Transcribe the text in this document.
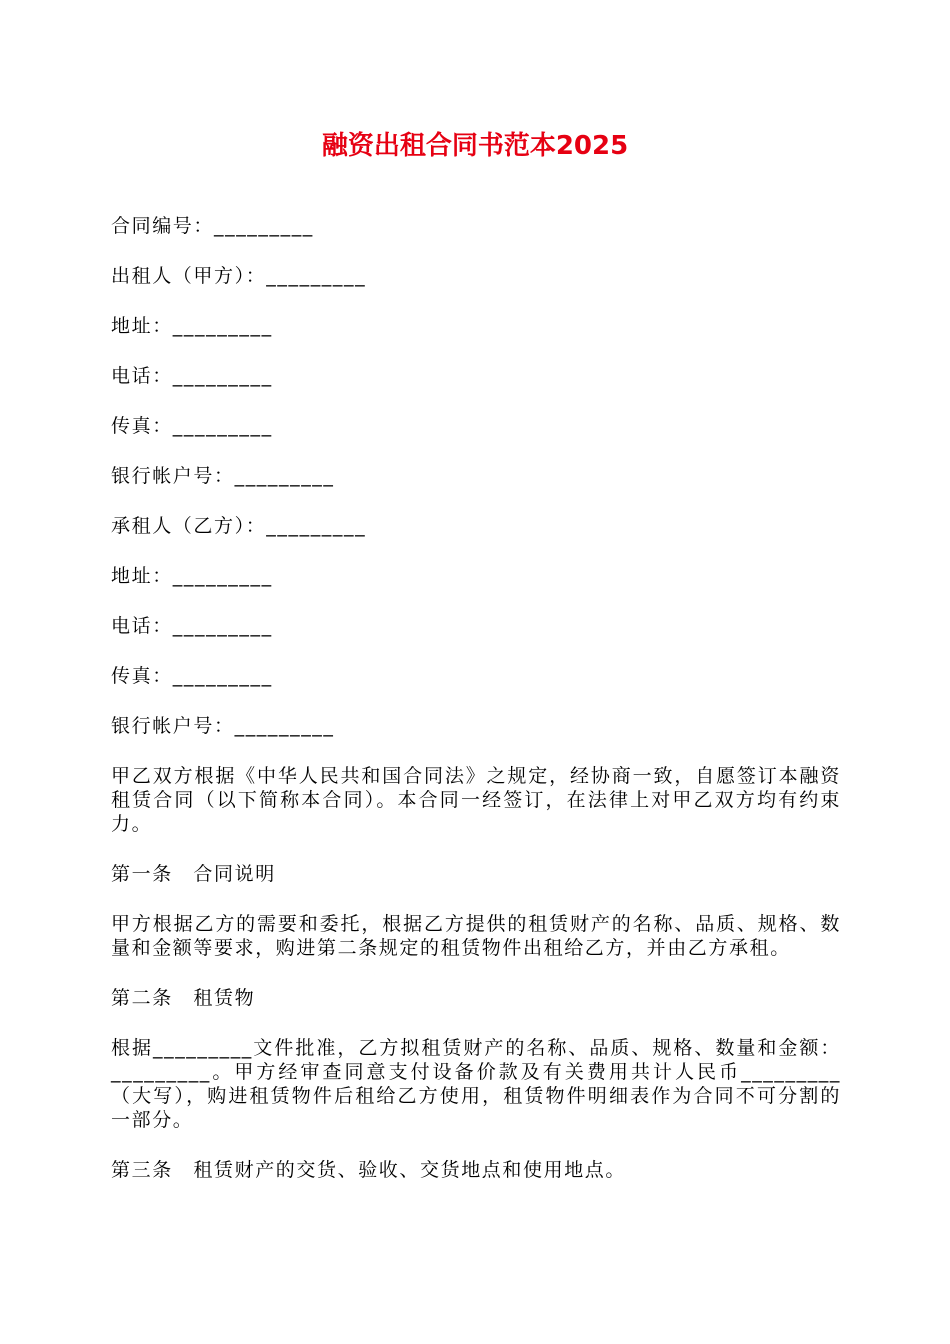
融资出租合同书范本2025
合同编号：_________
出租人（甲方）：_________
地址：_________
电话：_________
传真：_________
银行帐户号：_________
承租人（乙方）：_________
地址：_________
电话：_________
传真：_________
银行帐户号：_________
甲乙双方根据《中华人民共和国合同法》之规定，经协商一致，自愿签订本融资租赁合同（以下简称本合同）。本合同一经签订，在法律上对甲乙双方均有约束力。
第一条　合同说明
甲方根据乙方的需要和委托，根据乙方提供的租赁财产的名称、品质、规格、数量和金额等要求，购进第二条规定的租赁物件出租给乙方，并由乙方承租。
第二条　租赁物
根据_________文件批准，乙方拟租赁财产的名称、品质、规格、数量和金额：_________。甲方经审查同意支付设备价款及有关费用共计人民币_________（大写），购进租赁物件后租给乙方使用，租赁物件明细表作为合同不可分割的一部分。
第三条　租赁财产的交货、验收、交货地点和使用地点。
